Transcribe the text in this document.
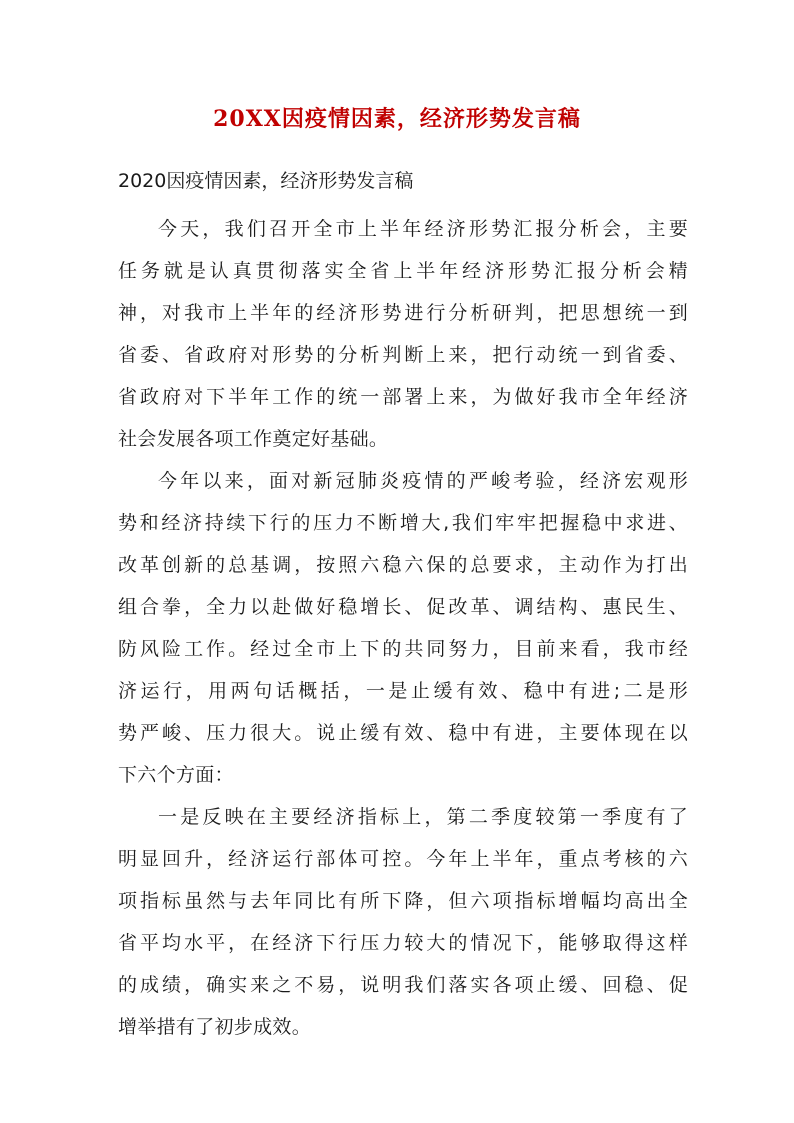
20XX因疫情因素，经济形势发言稿
2020因疫情因素，经济形势发言稿
今天，我们召开全市上半年经济形势汇报分析会，主要
任务就是认真贯彻落实全省上半年经济形势汇报分析会精
神，对我市上半年的经济形势进行分析研判，把思想统一到
省委、省政府对形势的分析判断上来，把行动统一到省委、
省政府对下半年工作的统一部署上来，为做好我市全年经济
社会发展各项工作奠定好基础。
今年以来，面对新冠肺炎疫情的严峻考验，经济宏观形
势和经济持续下行的压力不断增大,我们牢牢把握稳中求进、
改革创新的总基调，按照六稳六保的总要求，主动作为打出
组合拳，全力以赴做好稳增长、促改革、调结构、惠民生、
防风险工作。经过全市上下的共同努力，目前来看，我市经
济运行，用两句话概括，一是止缓有效、稳中有进;二是形
势严峻、压力很大。说止缓有效、稳中有进，主要体现在以
下六个方面：
一是反映在主要经济指标上，第二季度较第一季度有了
明显回升，经济运行部体可控。今年上半年，重点考核的六
项指标虽然与去年同比有所下降，但六项指标增幅均高出全
省平均水平，在经济下行压力较大的情况下，能够取得这样
的成绩，确实来之不易，说明我们落实各项止缓、回稳、促
增举措有了初步成效。
